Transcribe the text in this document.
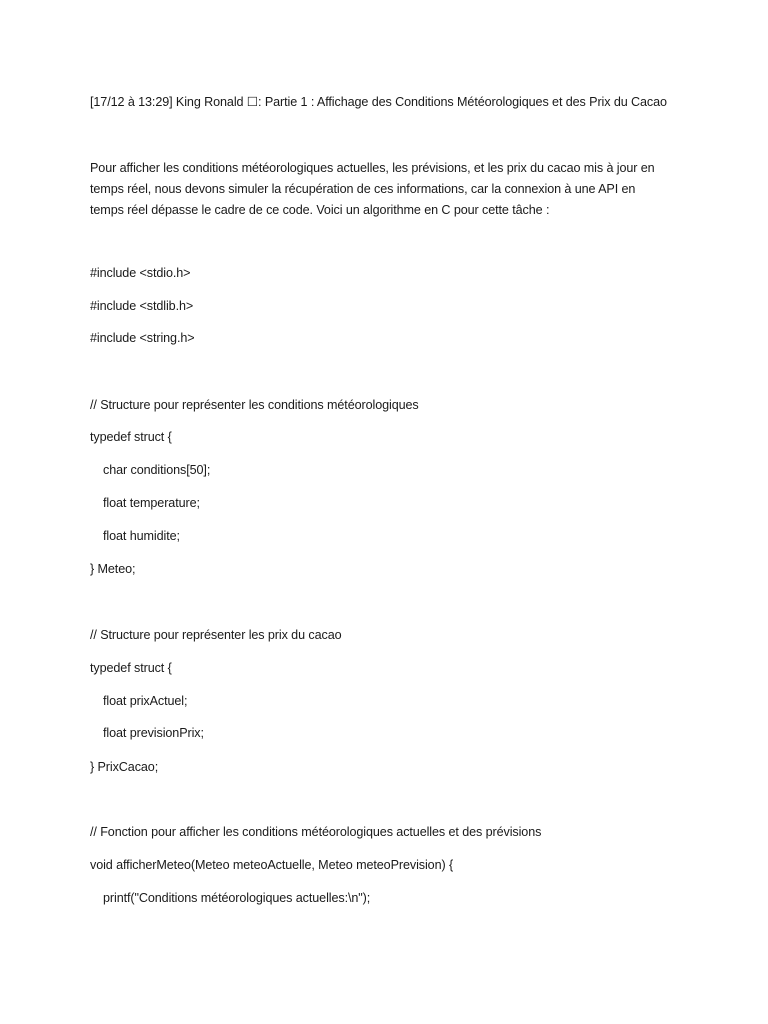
[17/12 à 13:29] King Ronald ☐: Partie 1 : Affichage des Conditions Météorologiques et des Prix du Cacao
Pour afficher les conditions météorologiques actuelles, les prévisions, et les prix du cacao mis à jour en
temps réel, nous devons simuler la récupération de ces informations, car la connexion à une API en
temps réel dépasse le cadre de ce code. Voici un algorithme en C pour cette tâche :
#include <stdio.h>
#include <stdlib.h>
#include <string.h>
// Structure pour représenter les conditions météorologiques
typedef struct {
char conditions[50];
float temperature;
float humidite;
} Meteo;
// Structure pour représenter les prix du cacao
typedef struct {
float prixActuel;
float previsionPrix;
} PrixCacao;
// Fonction pour afficher les conditions météorologiques actuelles et des prévisions
void afficherMeteo(Meteo meteoActuelle, Meteo meteoPrevision) {
printf("Conditions météorologiques actuelles:\n");
